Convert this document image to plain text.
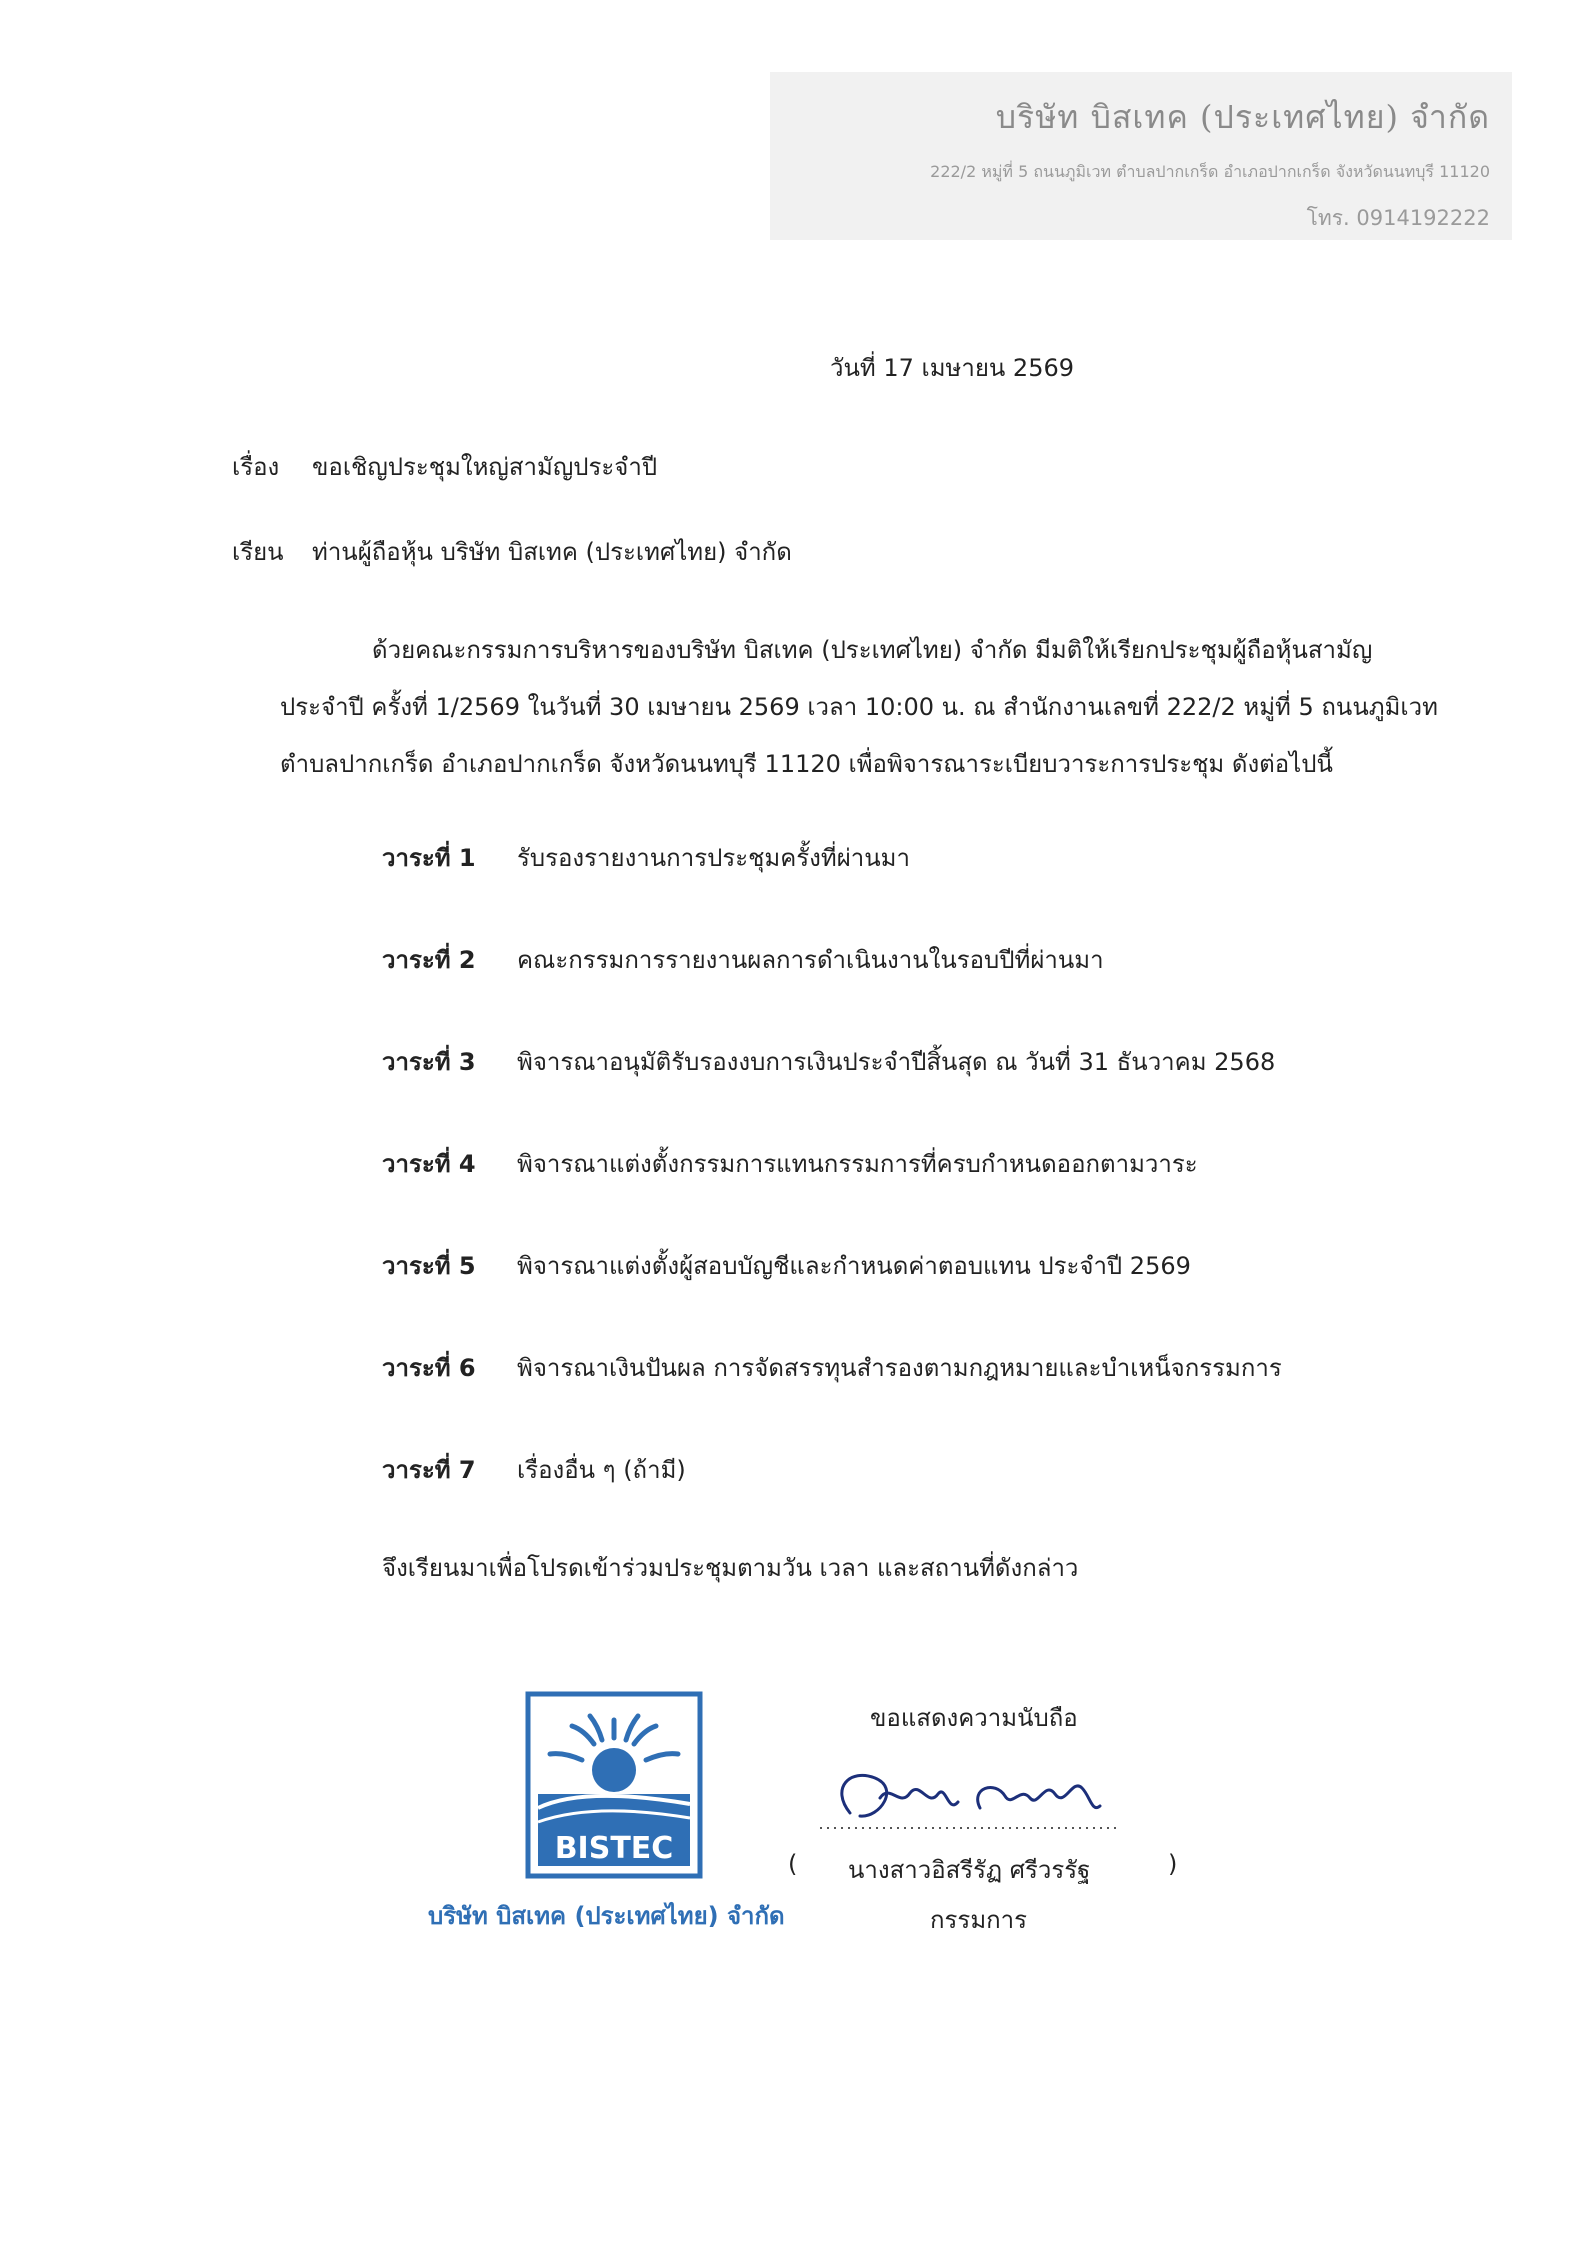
บริษัท บิสเทค (ประเทศไทย) จำกัด
222/2 หมู่ที่ 5 ถนนภูมิเวท ตำบลปากเกร็ด อำเภอปากเกร็ด จังหวัดนนทบุรี 11120
โทร. 0914192222
วันที่ 17 เมษายน 2569
เรื่อง ขอเชิญประชุมใหญ่สามัญประจำปี
เรียน ท่านผู้ถือหุ้น บริษัท บิสเทค (ประเทศไทย) จำกัด
ด้วยคณะกรรมการบริหารของบริษัท บิสเทค (ประเทศไทย) จำกัด มีมติให้เรียกประชุมผู้ถือหุ้นสามัญ
ประจำปี ครั้งที่ 1/2569 ในวันที่ 30 เมษายน 2569 เวลา 10:00 น. ณ สำนักงานเลขที่ 222/2 หมู่ที่ 5 ถนนภูมิเวท
ตำบลปากเกร็ด อำเภอปากเกร็ด จังหวัดนนทบุรี 11120 เพื่อพิจารณาระเบียบวาระการประชุม ดังต่อไปนี้
วาระที่ 1	รับรองรายงานการประชุมครั้งที่ผ่านมา
วาระที่ 2	คณะกรรมการรายงานผลการดำเนินงานในรอบปีที่ผ่านมา
วาระที่ 3	พิจารณาอนุมัติรับรองงบการเงินประจำปีสิ้นสุด ณ วันที่ 31 ธันวาคม 2568
วาระที่ 4	พิจารณาแต่งตั้งกรรมการแทนกรรมการที่ครบกำหนดออกตามวาระ
วาระที่ 5	พิจารณาแต่งตั้งผู้สอบบัญชีและกำหนดค่าตอบแทน ประจำปี 2569
วาระที่ 6	พิจารณาเงินปันผล การจัดสรรทุนสำรองตามกฎหมายและบำเหน็จกรรมการ
วาระที่ 7	เรื่องอื่น ๆ (ถ้ามี)
จึงเรียนมาเพื่อโปรดเข้าร่วมประชุมตามวัน เวลา และสถานที่ดังกล่าว
BISTEC
บริษัท บิสเทค (ประเทศไทย) จำกัด
ขอแสดงความนับถือ
( นางสาวอิสรีรัฏ ศรีวรรัฐ	)
กรรมการ
